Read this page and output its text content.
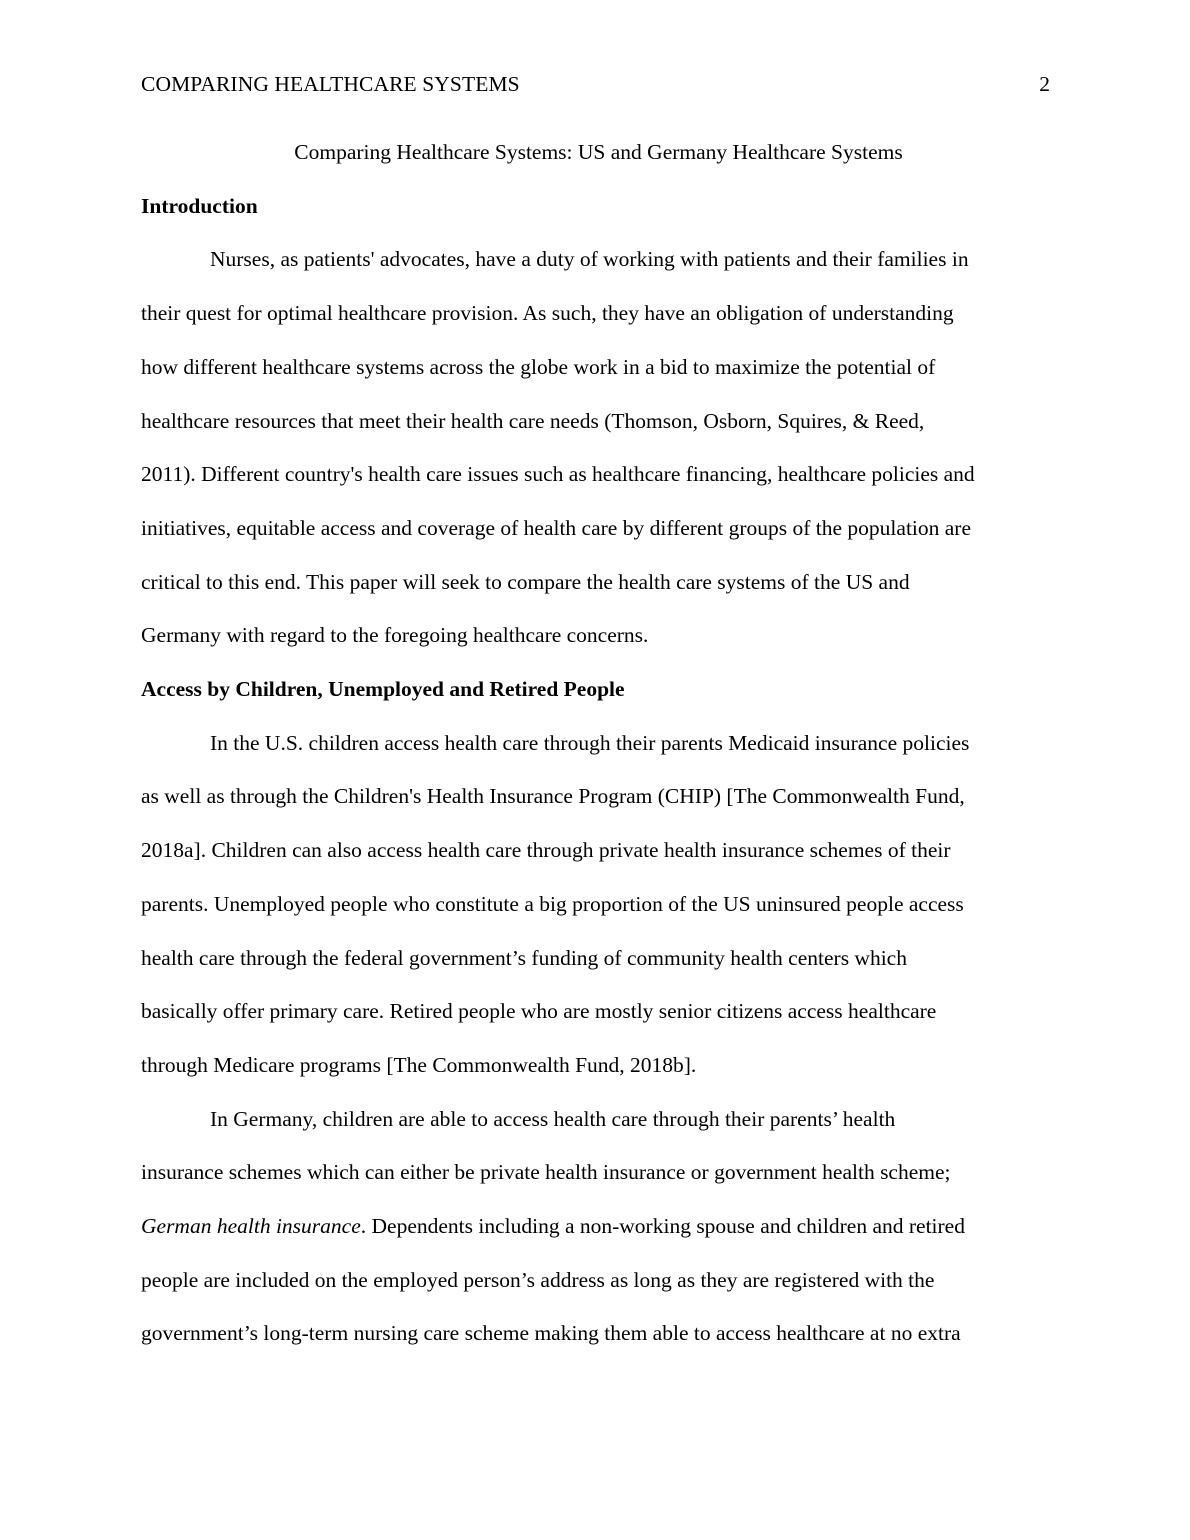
COMPARING HEALTHCARE SYSTEMS	2
Comparing Healthcare Systems: US and Germany Healthcare Systems
Introduction
Nurses, as patients' advocates, have a duty of working with patients and their families in
their quest for optimal healthcare provision. As such, they have an obligation of understanding
how different healthcare systems across the globe work in a bid to maximize the potential of
healthcare resources that meet their health care needs (Thomson, Osborn, Squires, & Reed,
2011). Different country's health care issues such as healthcare financing, healthcare policies and
initiatives, equitable access and coverage of health care by different groups of the population are
critical to this end. This paper will seek to compare the health care systems of the US and
Germany with regard to the foregoing healthcare concerns.
Access by Children, Unemployed and Retired People
In the U.S. children access health care through their parents Medicaid insurance policies
as well as through the Children's Health Insurance Program (CHIP) [The Commonwealth Fund,
2018a]. Children can also access health care through private health insurance schemes of their
parents. Unemployed people who constitute a big proportion of the US uninsured people access
health care through the federal government’s funding of community health centers which
basically offer primary care. Retired people who are mostly senior citizens access healthcare
through Medicare programs [The Commonwealth Fund, 2018b].
In Germany, children are able to access health care through their parents’ health
insurance schemes which can either be private health insurance or government health scheme;
German health insurance. Dependents including a non-working spouse and children and retired
people are included on the employed person’s address as long as they are registered with the
government’s long-term nursing care scheme making them able to access healthcare at no extra
